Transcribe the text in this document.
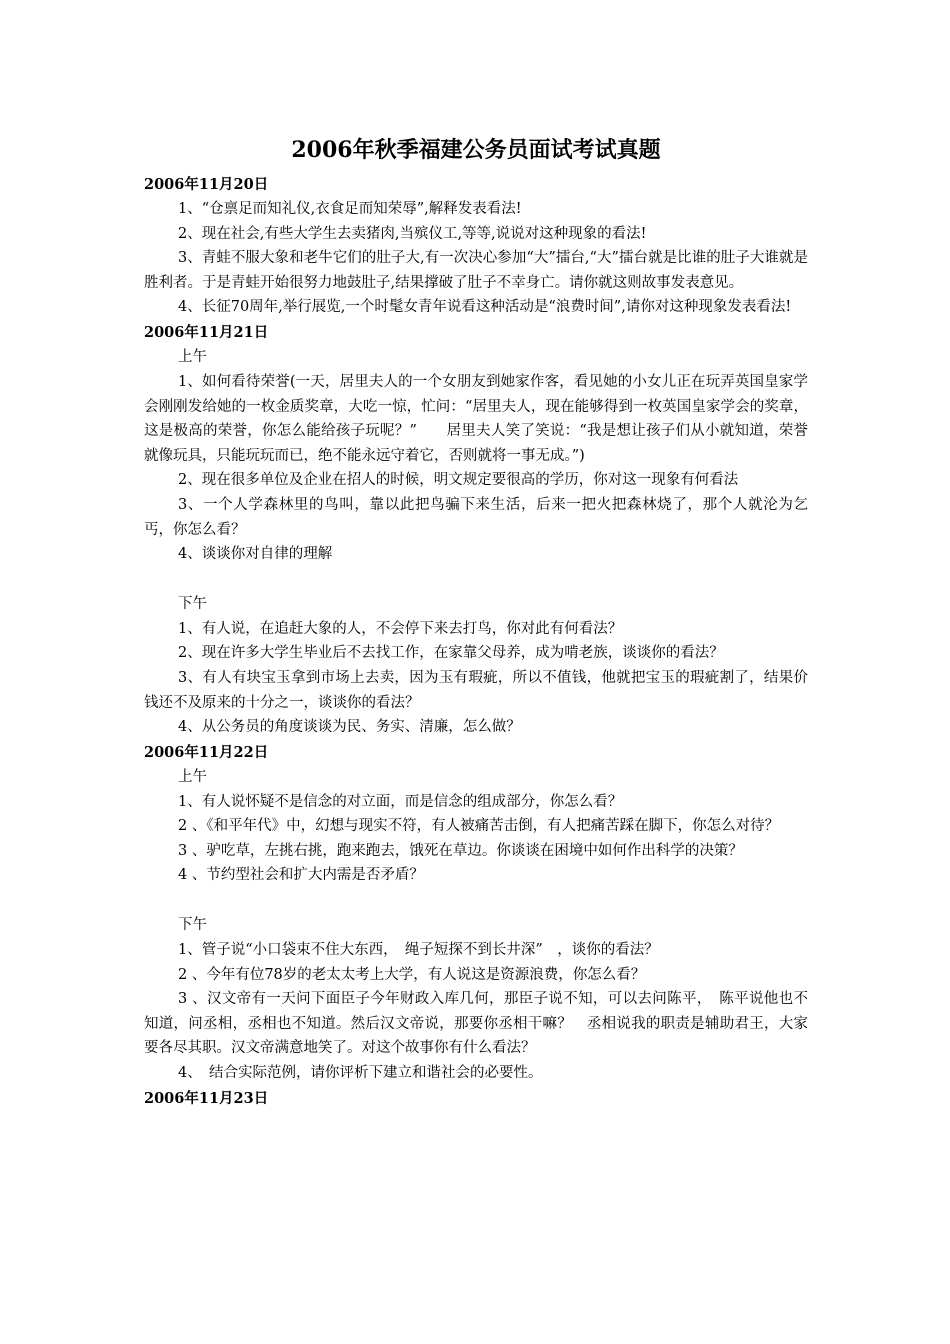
2006年秋季福建公务员面试考试真题
2006年11月20日

1、“仓禀足而知礼仪,衣食足而知荣辱”,解释发表看法!

2、现在社会,有些大学生去卖猪肉,当殡仪工,等等,说说对这种现象的看法!

3、青蛙不服大象和老牛它们的肚子大,有一次决心参加“大”擂台,“大”擂台就是比谁的肚子大谁就是胜利者。于是青蛙开始很努力地鼓肚子,结果撑破了肚子不幸身亡。请你就这则故事发表意见。

4、长征70周年,举行展览,一个时髦女青年说看这种活动是“浪费时间”,请你对这种现象发表看法!

2006年11月21日
上午

1、如何看待荣誉(一天，居里夫人的一个女朋友到她家作客，看见她的小女儿正在玩弄英国皇家学会刚刚发给她的一枚金质奖章，大吃一惊，忙问：“居里夫人，现在能够得到一枚英国皇家学会的奖章，这是极高的荣誉，你怎么能给孩子玩呢？”　　居里夫人笑了笑说：“我是想让孩子们从小就知道，荣誉就像玩具，只能玩玩而已，绝不能永远守着它，否则就将一事无成。”)

2、现在很多单位及企业在招人的时候，明文规定要很高的学历，你对这一现象有何看法

3、一个人学森林里的鸟叫，靠以此把鸟骗下来生活，后来一把火把森林烧了，那个人就沦为乞丐，你怎么看？

4、谈谈你对自律的理解

下午

1、有人说，在追赶大象的人，不会停下来去打鸟，你对此有何看法？

2、现在许多大学生毕业后不去找工作，在家靠父母养，成为啃老族，谈谈你的看法？

3、有人有块宝玉拿到市场上去卖，因为玉有瑕疵，所以不值钱，他就把宝玉的瑕疵割了，结果价钱还不及原来的十分之一，谈谈你的看法？

4、从公务员的角度谈谈为民、务实、清廉，怎么做？

2006年11月22日
上午

1、有人说怀疑不是信念的对立面，而是信念的组成部分，你怎么看？

2 、《和平年代》中，幻想与现实不符，有人被痛苦击倒，有人把痛苦踩在脚下，你怎么对待？

3 、驴吃草，左挑右挑，跑来跑去，饿死在草边。你谈谈在困境中如何作出科学的决策？

4 、节约型社会和扩大内需是否矛盾？

下午

1、管子说“小口袋束不住大东西，　绳子短探不到长井深”　，谈你的看法？

2 、今年有位78岁的老太太考上大学，有人说这是资源浪费，你怎么看？

3 、汉文帝有一天问下面臣子今年财政入库几何，那臣子说不知，可以去问陈平，　陈平说他也不知道，问丞相，丞相也不知道。然后汉文帝说，那要你丞相干嘛？　丞相说我的职责是辅助君王，大家要各尽其职。汉文帝满意地笑了。对这个故事你有什么看法？

4、　结合实际范例，请你评析下建立和谐社会的必要性。

2006年11月23日
